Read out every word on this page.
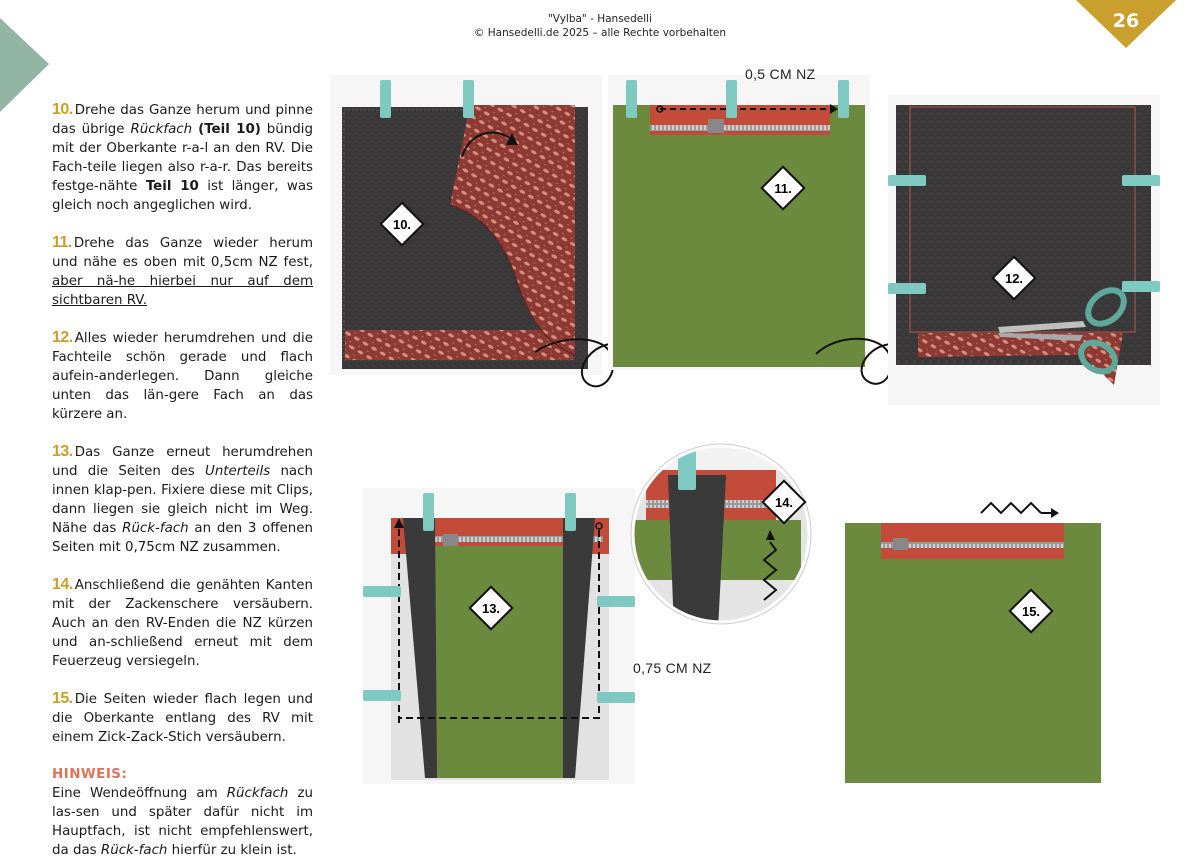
"Vylba" - Hansedelli
© Hansedelli.de 2025 – alle Rechte vorbehalten
26

10. Drehe das Ganze herum und pinne das übrige Rückfach (Teil 10) bündig mit der Oberkante r-a-l an den RV. Die Fach-teile liegen also r-a-r. Das bereits festge-nähte Teil 10 ist länger, was gleich noch angeglichen wird.

11. Drehe das Ganze wieder herum und nähe es oben mit 0,5cm NZ fest, aber nä-he hierbei nur auf dem sichtbaren RV.

12. Alles wieder herumdrehen und die Fachteile schön gerade und flach aufein-anderlegen. Dann gleiche unten das län-gere Fach an das kürzere an.

13. Das Ganze erneut herumdrehen und die Seiten des Unterteils nach innen klap-pen. Fixiere diese mit Clips, dann liegen sie gleich nicht im Weg. Nähe das Rück-fach an den 3 offenen Seiten mit 0,75cm NZ zusammen.

14. Anschließend die genähten Kanten mit der Zackenschere versäubern. Auch an den RV-Enden die NZ kürzen und an-schließend erneut mit dem Feuerzeug versiegeln.

15. Die Seiten wieder flach legen und die Oberkante entlang des RV mit einem Zick-Zack-Stich versäubern.

HINWEIS:

Eine Wendeöffnung am Rückfach zu las-sen und später dafür nicht im Hauptfach, ist nicht empfehlenswert, da das Rück-fach hierfür zu klein ist.

10.
11.
0,5 CM NZ
12.
13.
0,75 CM NZ
14.
15.
